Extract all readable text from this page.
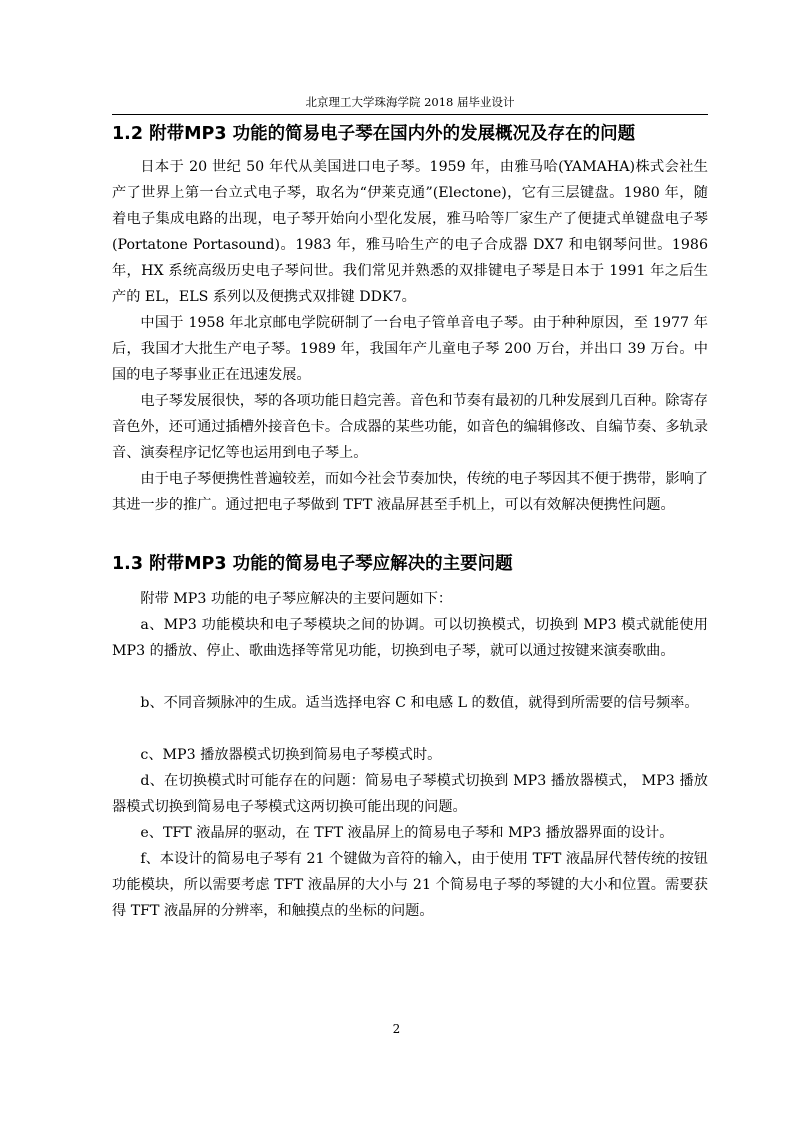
北京理工大学珠海学院 2018 届毕业设计
1.2 附带MP3 功能的简易电子琴在国内外的发展概况及存在的问题

日本于 20 世纪 50 年代从美国进口电子琴。1959 年，由雅马哈(YAMAHA)株式会社生产了世界上第一台立式电子琴，取名为“伊莱克通”(Electone)，它有三层键盘。1980 年，随着电子集成电路的出现，电子琴开始向小型化发展，雅马哈等厂家生产了便捷式单键盘电子琴(Portatone Portasound)。1983 年，雅马哈生产的电子合成器 DX7 和电钢琴问世。1986 年，HX 系统高级历史电子琴问世。我们常见并熟悉的双排键电子琴是日本于 1991 年之后生产的 EL，ELS 系列以及便携式双排键 DDK7。

中国于 1958 年北京邮电学院研制了一台电子管单音电子琴。由于种种原因，至 1977 年后，我国才大批生产电子琴。1989 年，我国年产儿童电子琴 200 万台，并出口 39 万台。中国的电子琴事业正在迅速发展。

电子琴发展很快，琴的各项功能日趋完善。音色和节奏有最初的几种发展到几百种。除寄存音色外，还可通过插槽外接音色卡。合成器的某些功能，如音色的编辑修改、自编节奏、多轨录音、演奏程序记忆等也运用到电子琴上。

由于电子琴便携性普遍较差，而如今社会节奏加快，传统的电子琴因其不便于携带，影响了其进一步的推广。通过把电子琴做到 TFT 液晶屏甚至手机上，可以有效解决便携性问题。

1.3 附带MP3 功能的简易电子琴应解决的主要问题

附带 MP3 功能的电子琴应解决的主要问题如下：

a、MP3 功能模块和电子琴模块之间的协调。可以切换模式，切换到 MP3 模式就能使用 MP3 的播放、停止、歌曲选择等常见功能，切换到电子琴，就可以通过按键来演奏歌曲。

b、不同音频脉冲的生成。适当选择电容 C 和电感 L 的数值，就得到所需要的信号频率。

c、MP3 播放器模式切换到简易电子琴模式时。

d、在切换模式时可能存在的问题：简易电子琴模式切换到 MP3 播放器模式， MP3 播放器模式切换到简易电子琴模式这两切换可能出现的问题。

e、TFT 液晶屏的驱动，在 TFT 液晶屏上的简易电子琴和 MP3 播放器界面的设计。

f、本设计的简易电子琴有 21 个键做为音符的输入，由于使用 TFT 液晶屏代替传统的按钮功能模块，所以需要考虑 TFT 液晶屏的大小与 21 个简易电子琴的琴键的大小和位置。需要获得 TFT 液晶屏的分辨率，和触摸点的坐标的问题。

2
